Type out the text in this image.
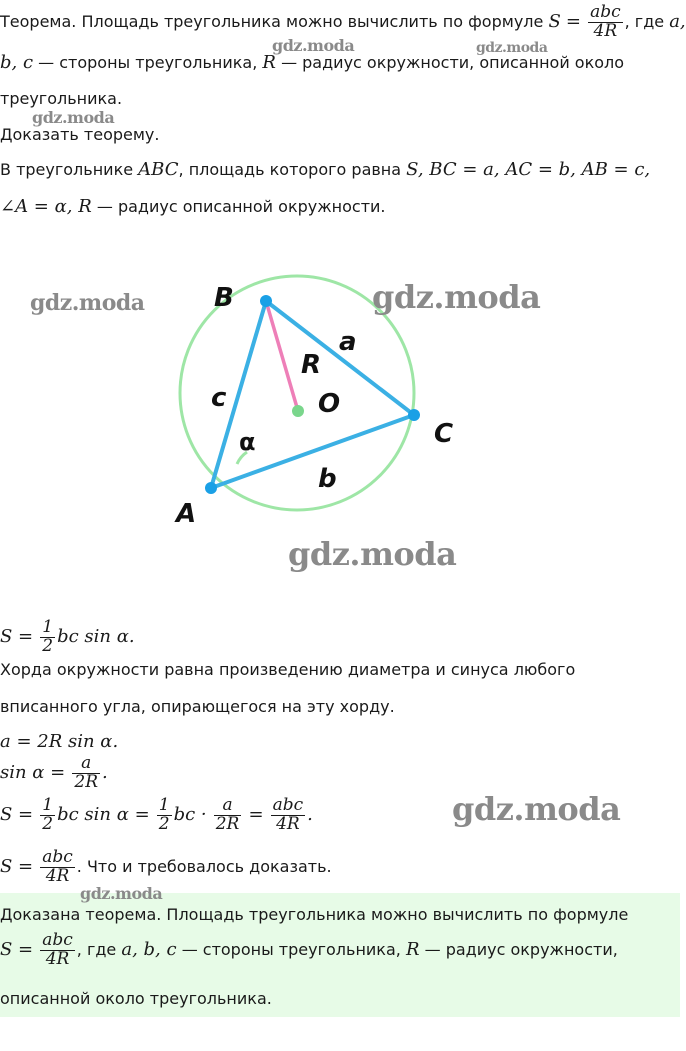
Теорема. Площадь треугольника можно вычислить по формуле $S = \frac{\text{abc}}{4R}$ , где a,
b, c — стороны треугольника, R — радиус окружности, описанной около
треугольника.
Доказать теорему.
В треугольнике ABC, площадь которого равна S, BC = a, AC = b, AB = c,
∠A = α, R — радиус описанной окружности.
B
A
C
O
R
a
b
c
α
$S = \frac{1}{2}$ bc sin α.
Хорда окружности равна произведению диаметра и синуса любого
вписанного угла, опирающегося на эту хорду.
a = 2R sin α.
$\sin \alpha = \frac{a}{2R}$ .
$S = \frac{1}{2}$ bc $\sin \alpha = \frac{1}{2}$ bc · $\frac{a}{2R} = \frac{\text{abc}}{4R}$ .
$S = \frac{\text{abc}}{4R}$ . Что и требовалось доказать.
Доказана теорема. Площадь треугольника можно вычислить по формуле
$S = \frac{\text{abc}}{4R}$ , где a, b, c — стороны треугольника, R — радиус окружности,
описанной около треугольника.
gdz.moda	gdz.moda
gdz.moda
gdz.moda	gdz.moda
gdz.moda
gdz.moda
gdz.moda
